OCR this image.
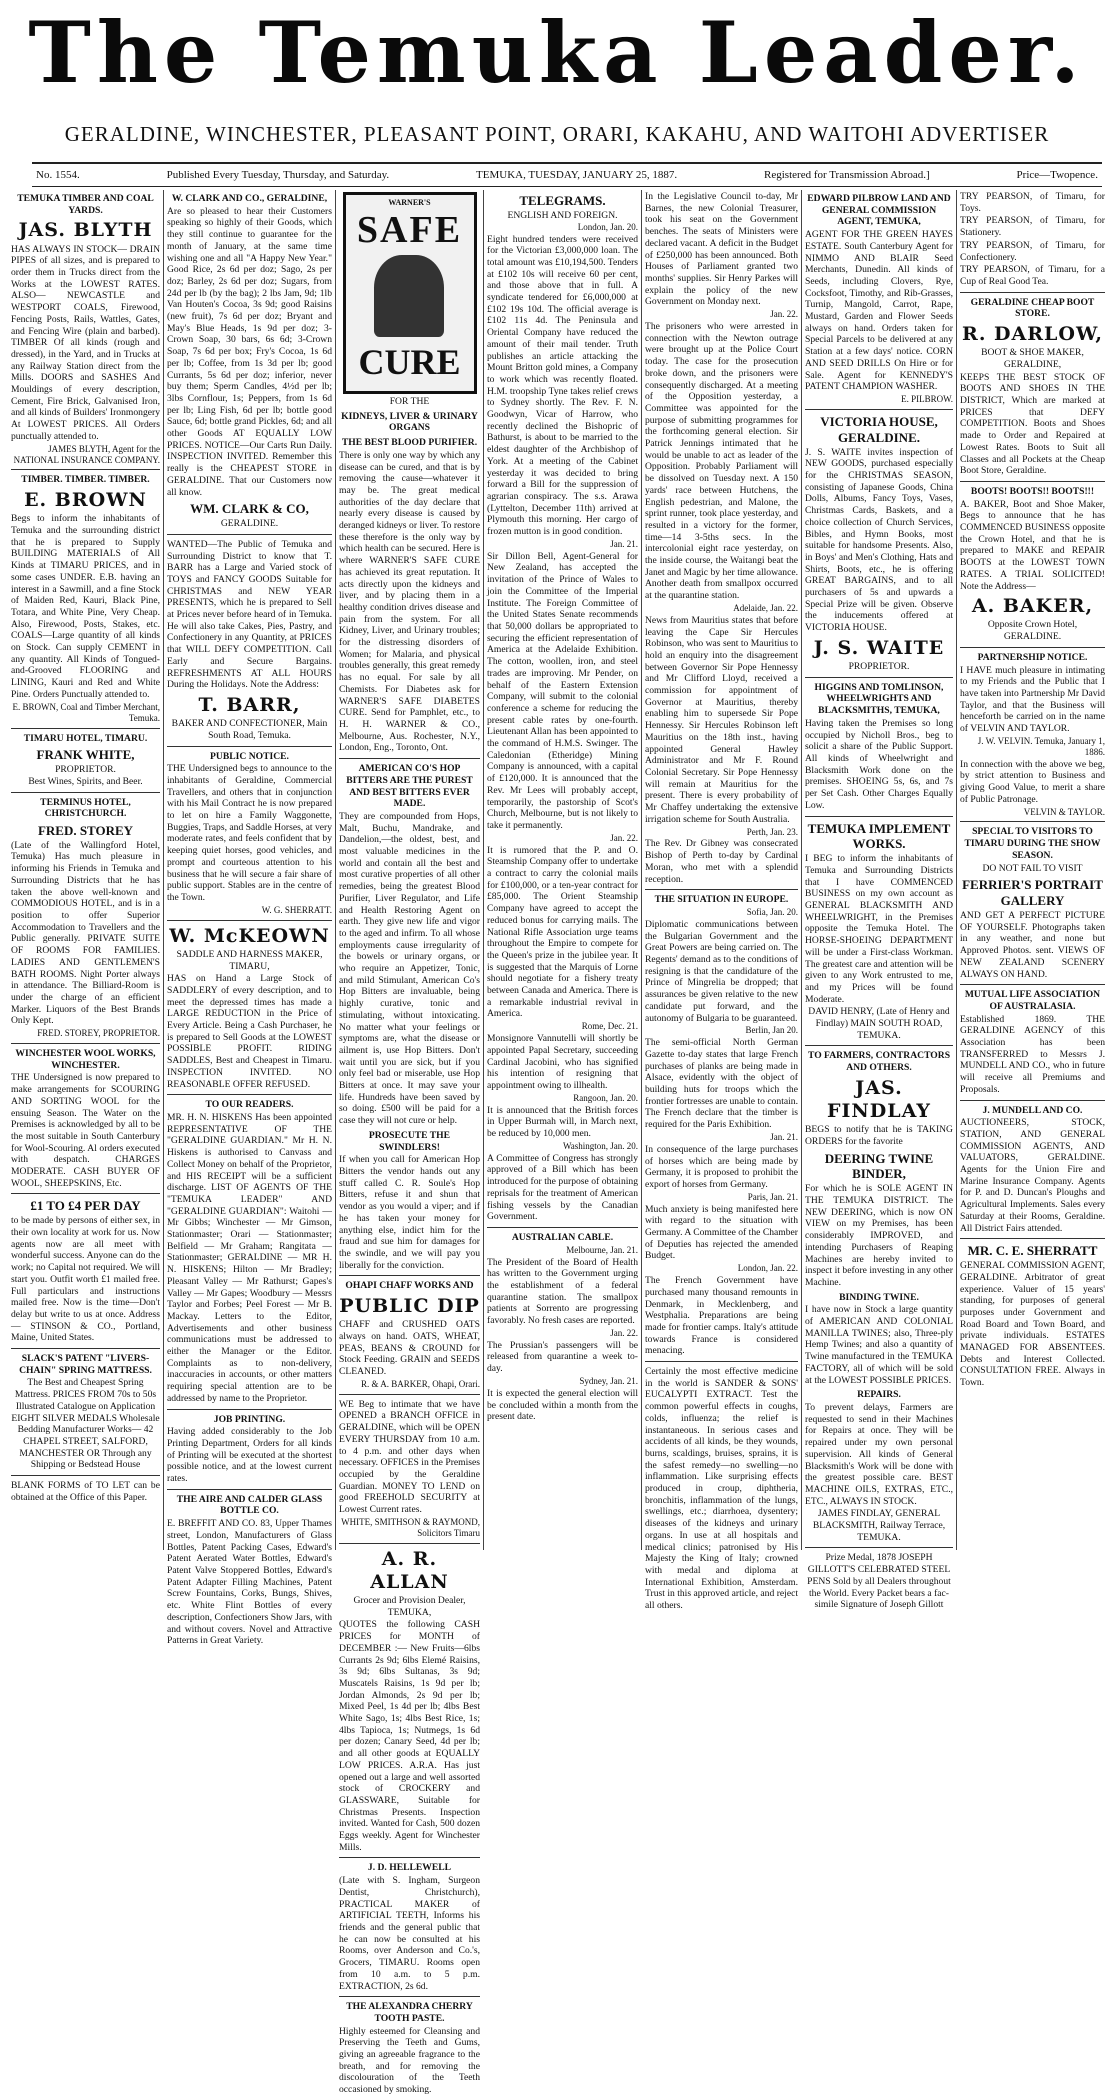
The Temuka Leader.
GERALDINE, WINCHESTER, PLEASANT POINT, ORARI, KAKAHU, AND WAITOHI ADVERTISER
No. 1554.	Published Every Tuesday, Thursday, and Saturday.	TEMUKA, TUESDAY, JANUARY 25, 1887.	Registered for Transmission Abroad.]	Price—Twopence.
TEMUKA TIMBER AND COAL YARDS.
JAS. BLYTH
HAS ALWAYS IN STOCK— DRAIN PIPES of all sizes, and is prepared to order them in Trucks direct from the Works at the LOWEST RATES. ALSO— NEWCASTLE and WESTPORT COALS, Firewood, Fencing Posts, Rails, Wattles, Gates, and Fencing Wire (plain and barbed). TIMBER Of all kinds (rough and dressed), in the Yard, and in Trucks at any Railway Station direct from the Mills. DOORS and SASHES And Mouldings of every description, Cement, Fire Brick, Galvanised Iron, and all kinds of Builders' Ironmongery At LOWEST PRICES. All Orders punctually attended to.
JAMES BLYTH, Agent for the NATIONAL INSURANCE COMPANY.
TIMBER. TIMBER. TIMBER.
E. BROWN
Begs to inform the inhabitants of Temuka and the surrounding district that he is prepared to Supply BUILDING MATERIALS of All Kinds at TIMARU PRICES, and in some cases UNDER. E.B. having an interest in a Sawmill, and a fine Stock of Maiden Red, Kauri, Black Pine, Totara, and White Pine, Very Cheap. Also, Firewood, Posts, Stakes, etc. COALS—Large quantity of all kinds on Stock. Can supply CEMENT in any quantity. All Kinds of Tongued-and-Grooved FLOORING and LINING, Kauri and Red and White Pine. Orders Punctually attended to.
E. BROWN, Coal and Timber Merchant, Temuka.
TIMARU HOTEL, TIMARU.
FRANK WHITE,
PROPRIETOR.
Best Wines, Spirits, and Beer.
TERMINUS HOTEL, CHRISTCHURCH.
FRED. STOREY
(Late of the Wallingford Hotel, Temuka) Has much pleasure in informing his Friends in Temuka and Surrounding Districts that he has taken the above well-known and COMMODIOUS HOTEL, and is in a position to offer Superior Accommodation to Travellers and the Public generally. PRIVATE SUITE OF ROOMS FOR FAMILIES. LADIES AND GENTLEMEN'S BATH ROOMS. Night Porter always in attendance. The Billiard-Room is under the charge of an efficient Marker. Liquors of the Best Brands Only Kept.
FRED. STOREY, PROPRIETOR.
WINCHESTER WOOL WORKS, WINCHESTER.
THE Undersigned is now prepared to make arrangements for SCOURING AND SORTING WOOL for the ensuing Season. The Water on the Premises is acknowledged by all to be the most suitable in South Canterbury for Wool-Scouring. Al orders executed with despatch. CHARGES MODERATE. CASH BUYER OF WOOL, SHEEPSKINS, Etc.
£1 TO £4 PER DAY
to be made by persons of either sex, in their own locality at work for us. Now agents now are all meet with wonderful success. Anyone can do the work; no Capital not required. We will start you. Outfit worth £1 mailed free. Full particulars and instructions mailed free. Now is the time—Don't delay but write to us at once. Address— STINSON & CO., Portland, Maine, United States.
SLACK'S PATENT "LIVERS-CHAIN" SPRING MATTRESS.
The Best and Cheapest Spring Mattress. PRICES FROM 70s to 50s Illustrated Catalogue on Application EIGHT SILVER MEDALS Wholesale Bedding Manufacturer Works— 42 CHAPEL STREET, SALFORD, MANCHESTER OR Through any Shipping or Bedstead House
BLANK FORMS of TO LET can be obtained at the Office of this Paper.
W. CLARK AND CO., GERALDINE,
Are so pleased to hear their Customers speaking so highly of their Goods, which they still continue to guarantee for the month of January, at the same time wishing one and all "A Happy New Year." Good Rice, 2s 6d per doz; Sago, 2s per doz; Barley, 2s 6d per doz; Sugars, from 24d per lb (by the bag); 2 lbs Jam, 9d; 1lb Van Houten's Cocoa, 3s 9d; good Raisins (new fruit), 7s 6d per doz; Bryant and May's Blue Heads, 1s 9d per doz; 3-Crown Soap, 30 bars, 6s 6d; 3-Crown Soap, 7s 6d per box; Fry's Cocoa, 1s 6d per lb; Coffee, from 1s 3d per lb; good Currants, 5s 6d per doz; inferior, never buy them; Sperm Candles, 4½d per lb; 3lbs Cornflour, 1s; Peppers, from 1s 6d per lb; Ling Fish, 6d per lb; bottle good Sauce, 6d; bottle grand Pickles, 6d; and all other Goods AT EQUALLY LOW PRICES. NOTICE—Our Carts Run Daily. INSPECTION INVITED. Remember this really is the CHEAPEST STORE in GERALDINE. That our Customers now all know.
WM. CLARK & CO,
GERALDINE.
WANTED—The Public of Temuka and Surrounding District to know that T. BARR has a Large and Varied stock of TOYS and FANCY GOODS Suitable for CHRISTMAS and NEW YEAR PRESENTS, which he is prepared to Sell at Prices never before heard of in Temuka. He will also take Cakes, Pies, Pastry, and Confectionery in any Quantity, at PRICES that WILL DEFY COMPETITION. Call Early and Secure Bargains. REFRESHMENTS AT ALL HOURS During the Holidays. Note the Address:
T. BARR,
BAKER AND CONFECTIONER, Main South Road, Temuka.
PUBLIC NOTICE.
THE Undersigned begs to announce to the inhabitants of Geraldine, Commercial Travellers, and others that in conjunction with his Mail Contract he is now prepared to let on hire a Family Waggonette, Buggies, Traps, and Saddle Horses, at very moderate rates, and feels confident that by keeping quiet horses, good vehicles, and prompt and courteous attention to his business that he will secure a fair share of public support. Stables are in the centre of the Town.
W. G. SHERRATT.
W. McKEOWN
SADDLE AND HARNESS MAKER, TIMARU,
HAS on Hand a Large Stock of SADDLERY of every description, and to meet the depressed times has made a LARGE REDUCTION in the Price of Every Article. Being a Cash Purchaser, he is prepared to Sell Goods at the LOWEST POSSIBLE PROFIT. RIDING SADDLES, Best and Cheapest in Timaru. INSPECTION INVITED. NO REASONABLE OFFER REFUSED.
TO OUR READERS.
MR. H. N. HISKENS Has been appointed REPRESENTATIVE OF THE "GERALDINE GUARDIAN." Mr H. N. Hiskens is authorised to Canvass and Collect Money on behalf of the Proprietor, and HIS RECEIPT will be a sufficient discharge. LIST OF AGENTS OF THE "TEMUKA LEADER" AND "GERALDINE GUARDIAN": Waitohi — Mr Gibbs; Winchester — Mr Gimson, Stationmaster; Orari — Stationmaster; Belfield — Mr Graham; Rangitata — Stationmaster; GERALDINE — MR H. N. HISKENS; Hilton — Mr Bradley; Pleasant Valley — Mr Rathurst; Gapes's Valley — Mr Gapes; Woodbury — Messrs Taylor and Forbes; Peel Forest — Mr B. Mackay. Letters to the Editor, Advertisements and other business communications must be addressed to either the Manager or the Editor. Complaints as to non-delivery, inaccuracies in accounts, or other matters requiring special attention are to be addressed by name to the Proprietor.
JOB PRINTING.
Having added considerably to the Job Printing Department, Orders for all kinds of Printing will be executed at the shortest possible notice, and at the lowest current rates.
THE AIRE AND CALDER GLASS BOTTLE CO.
E. BREFFIT AND CO. 83, Upper Thames street, London, Manufacturers of Glass Bottles, Patent Packing Cases, Edward's Patent Aerated Water Bottles, Edward's Patent Valve Stoppered Bottles, Edward's Patent Adapter Filling Machines, Patent Screw Fountains, Corks, Bungs, Shives, etc. White Flint Bottles of every description, Confectioners Show Jars, with and without covers. Novel and Attractive Patterns in Great Variety.
WARNER'S
SAFE
CURE
FOR THE
KIDNEYS, LIVER & URINARY ORGANS
THE BEST BLOOD PURIFIER.
There is only one way by which any disease can be cured, and that is by removing the cause—whatever it may be. The great medical authorities of the day declare that nearly every disease is caused by deranged kidneys or liver. To restore these therefore is the only way by which health can be secured. Here is where WARNER'S SAFE CURE has achieved its great reputation. It acts directly upon the kidneys and liver, and by placing them in a healthy condition drives disease and pain from the system. For all Kidney, Liver, and Urinary troubles; for the distressing disorders of Women; for Malaria, and physical troubles generally, this great remedy has no equal. For sale by all Chemists. For Diabetes ask for WARNER'S SAFE DIABETES CURE. Send for Pamphlet, etc., to H. H. WARNER & CO., Melbourne, Aus. Rochester, N.Y., London, Eng., Toronto, Ont.
AMERICAN CO'S HOP BITTERS ARE THE PUREST AND BEST BITTERS EVER MADE.
They are compounded from Hops, Malt, Buchu, Mandrake, and Dandelion,—the oldest, best, and most valuable medicines in the world and contain all the best and most curative properties of all other remedies, being the greatest Blood Purifier, Liver Regulator, and Life and Health Restoring Agent on earth. They give new life and vigor to the aged and infirm. To all whose employments cause irregularity of the bowels or urinary organs, or who require an Appetizer, Tonic, and mild Stimulant, American Co's Hop Bitters are invaluable, being highly curative, tonic and stimulating, without intoxicating. No matter what your feelings or symptoms are, what the disease or ailment is, use Hop Bitters. Don't wait until you are sick, but if you only feel bad or miserable, use Hop Bitters at once. It may save your life. Hundreds have been saved by so doing. £500 will be paid for a case they will not cure or help.
PROSECUTE THE SWINDLERS!
If when you call for American Hop Bitters the vendor hands out any stuff called C. R. Soule's Hop Bitters, refuse it and shun that vendor as you would a viper; and if he has taken your money for anything else, indict him for the fraud and sue him for damages for the swindle, and we will pay you liberally for the conviction.
OHAPI CHAFF WORKS AND
PUBLIC DIP
CHAFF and CRUSHED OATS always on hand. OATS, WHEAT, PEAS, BEANS & CROUND for Stock Feeding. GRAIN and SEEDS CLEANED.
R. & A. BARKER, Ohapi, Orari.
WE Beg to intimate that we have OPENED a BRANCH OFFICE in GERALDINE, which will be OPEN EVERY THURSDAY from 10 a.m. to 4 p.m. and other days when necessary. OFFICES in the Premises occupied by the Geraldine Guardian. MONEY TO LEND on good FREEHOLD SECURITY at Lowest Current rates.
WHITE, SMITHSON & RAYMOND, Solicitors Timaru
A. R. ALLAN
Grocer and Provision Dealer, TEMUKA,
QUOTES the following CASH PRICES for MONTH of DECEMBER :— New Fruits—6lbs Currants 2s 9d; 6lbs Elemé Raisins, 3s 9d; 6lbs Sultanas, 3s 9d; Muscatels Raisins, 1s 9d per lb; Jordan Almonds, 2s 9d per lb; Mixed Peel, 1s 4d per lb; 4lbs Best White Sago, 1s; 4lbs Best Rice, 1s; 4lbs Tapioca, 1s; Nutmegs, 1s 6d per dozen; Canary Seed, 4d per lb; and all other goods at EQUALLY LOW PRICES. A.R.A. Has just opened out a large and well assorted stock of CROCKERY and GLASSWARE, Suitable for Christmas Presents. Inspection invited. Wanted for Cash, 500 dozen Eggs weekly. Agent for Winchester Mills.
J. D. HELLEWELL
(Late with S. Ingham, Surgeon Dentist, Christchurch), PRACTICAL MAKER of ARTIFICIAL TEETH, Informs his friends and the general public that he can now be consulted at his Rooms, over Anderson and Co.'s, Grocers, TIMARU. Rooms open from 10 a.m. to 5 p.m. EXTRACTION, 2s 6d.
THE ALEXANDRA CHERRY TOOTH PASTE.
Highly esteemed for Cleansing and Preserving the Teeth and Gums, giving an agreeable fragrance to the breath, and for removing the discolouration of the Teeth occasioned by smoking.
TELEGRAMS.
ENGLISH AND FOREIGN.
London, Jan. 20.
Eight hundred tenders were received for the Victorian £3,000,000 loan. The total amount was £10,194,500. Tenders at £102 10s will receive 60 per cent, and those above that in full. A syndicate tendered for £6,000,000 at £102 19s 10d. The official average is £102 11s 4d. The Peninsula and Oriental Company have reduced the amount of their mail tender. Truth publishes an article attacking the Mount Britton gold mines, a Company to work which was recently floated. H.M. troopship Tyne takes relief crews to Sydney shortly. The Rev. F. N. Goodwyn, Vicar of Harrow, who recently declined the Bishopric of Bathurst, is about to be married to the eldest daughter of the Archbishop of York. At a meeting of the Cabinet yesterday it was decided to bring forward a Bill for the suppression of agrarian conspiracy. The s.s. Arawa (Lyttelton, December 11th) arrived at Plymouth this morning. Her cargo of frozen mutton is in good condition.
Jan. 21.
Sir Dillon Bell, Agent-General for New Zealand, has accepted the invitation of the Prince of Wales to join the Committee of the Imperial Institute. The Foreign Committee of the United States Senate recommends that 50,000 dollars be appropriated to securing the efficient representation of America at the Adelaide Exhibition. The cotton, woollen, iron, and steel trades are improving. Mr Pender, on behalf of the Eastern Extension Company, will submit to the colonial conference a scheme for reducing the present cable rates by one-fourth. Lieutenant Allan has been appointed to the command of H.M.S. Swinger. The Caledonian (Etheridge) Mining Company is announced, with a capital of £120,000. It is announced that the Rev. Mr Lees will probably accept, temporarily, the pastorship of Scot's Church, Melbourne, but is not likely to take it permanently.
Jan. 22.
It is rumored that the P. and O. Steamship Company offer to undertake a contract to carry the colonial mails for £100,000, or a ten-year contract for £85,000. The Orient Steamship Company have agreed to accept the reduced bonus for carrying mails. The National Rifle Association urge teams throughout the Empire to compete for the Queen's prize in the jubilee year. It is suggested that the Marquis of Lorne should negotiate for a fishery treaty between Canada and America. There is a remarkable industrial revival in America.
Rome, Dec. 21.
Monsignore Vannutelli will shortly be appointed Papal Secretary, succeeding Cardinal Jacobini, who has signified his intention of resigning that appointment owing to illhealth.
Rangoon, Jan. 20.
It is announced that the British forces in Upper Burmah will, in March next, be reduced by 10,000 men.
Washington, Jan. 20.
A Committee of Congress has strongly approved of a Bill which has been introduced for the purpose of obtaining reprisals for the treatment of American fishing vessels by the Canadian Government.
AUSTRALIAN CABLE.
Melbourne, Jan. 21.
The President of the Board of Health has written to the Government urging the establishment of a federal quarantine station. The smallpox patients at Sorrento are progressing favorably. No fresh cases are reported.
Jan. 22.
The Prussian's passengers will be released from quarantine a week to-day.
Sydney, Jan. 21.
It is expected the general election will be concluded within a month from the present date.
In the Legislative Council to-day, Mr Barnes, the new Colonial Treasurer, took his seat on the Government benches. The seats of Ministers were declared vacant. A deficit in the Budget of £250,000 has been announced. Both Houses of Parliament granted two months' supplies. Sir Henry Parkes will explain the policy of the new Government on Monday next.
Jan. 22.
The prisoners who were arrested in connection with the Newton outrage were brought up at the Police Court today. The case for the prosecution broke down, and the prisoners were consequently discharged. At a meeting of the Opposition yesterday, a Committee was appointed for the purpose of submitting programmes for the forthcoming general election. Sir Patrick Jennings intimated that he would be unable to act as leader of the Opposition. Probably Parliament will be dissolved on Tuesday next. A 150 yards' race between Hutchens, the English pedestrian, and Malone, the sprint runner, took place yesterday, and resulted in a victory for the former, time—14 3-5ths secs. In the intercolonial eight race yesterday, on the inside course, the Waitangi beat the Janet and Magic by her time allowance. Another death from smallpox occurred at the quarantine station.
Adelaide, Jan. 22.
News from Mauritius states that before leaving the Cape Sir Hercules Robinson, who was sent to Mauritius to hold an enquiry into the disagreement between Governor Sir Pope Hennessy and Mr Clifford Lloyd, received a commission for appointment of Governor at Mauritius, thereby enabling him to supersede Sir Pope Hennessy. Sir Hercules Robinson left Mauritius on the 18th inst., having appointed General Hawley Administrator and Mr F. Round Colonial Secretary. Sir Pope Hennessy will remain at Mauritius for the present. There is every probability of Mr Chaffey undertaking the extensive irrigation scheme for South Australia.
Perth, Jan. 23.
The Rev. Dr Gibney was consecrated Bishop of Perth to-day by Cardinal Moran, who met with a splendid reception.
THE SITUATION IN EUROPE.
Sofia, Jan. 20.
Diplomatic communications between the Bulgarian Government and the Great Powers are being carried on. The Regents' demand as to the conditions of resigning is that the candidature of the Prince of Mingrelia be dropped; that assurances be given relative to the new candidate put forward, and the autonomy of Bulgaria to be guaranteed.
Berlin, Jan 20.
The semi-official North German Gazette to-day states that large French purchases of planks are being made in Alsace, evidently with the object of building huts for troops which the frontier fortresses are unable to contain. The French declare that the timber is required for the Paris Exhibition.
Jan. 21.
In consequence of the large purchases of horses which are being made by Germany, it is proposed to prohibit the export of horses from Germany.
Paris, Jan. 21.
Much anxiety is being manifested here with regard to the situation with Germany. A Committee of the Chamber of Deputies has rejected the amended Budget.
London, Jan. 22.
The French Government have purchased many thousand remounts in Denmark, in Mecklenberg, and Westphalia. Preparations are being made for frontier camps. Italy's attitude towards France is considered menacing.
Certainly the most effective medicine in the world is SANDER & SONS' EUCALYPTI EXTRACT. Test the common powerful effects in coughs, colds, influenza; the relief is instantaneous. In serious cases and accidents of all kinds, be they wounds, burns, scaldings, bruises, sprains, it is the safest remedy—no swelling—no inflammation. Like surprising effects produced in croup, diphtheria, bronchitis, inflammation of the lungs, swellings, etc.; diarrhoea, dysentery; diseases of the kidneys and urinary organs. In use at all hospitals and medical clinics; patronised by His Majesty the King of Italy; crowned with medal and diploma at International Exhibition, Amsterdam. Trust in this approved article, and reject all others.
EDWARD PILBROW LAND AND GENERAL COMMISSION AGENT, TEMUKA,
AGENT FOR THE GREEN HAYES ESTATE. South Canterbury Agent for NIMMO AND BLAIR Seed Merchants, Dunedin. All kinds of Seeds, including Clovers, Rye, Cocksfoot, Timothy, and Rib-Grasses, Turnip, Mangold, Carrot, Rape, Mustard, Garden and Flower Seeds always on hand. Orders taken for Special Parcels to be delivered at any Station at a few days' notice. CORN AND SEED DRILLS On Hire or for Sale. Agent for KENNEDY'S PATENT CHAMPION WASHER.
E. PILBROW.
VICTORIA HOUSE, GERALDINE.
J. S. WAITE invites inspection of NEW GOODS, purchased especially for the CHRISTMAS SEASON, consisting of Japanese Goods, China Dolls, Albums, Fancy Toys, Vases, Christmas Cards, Baskets, and a choice collection of Church Services, Bibles, and Hymn Books, most suitable for handsome Presents. Also, in Boys' and Men's Clothing, Hats and Shirts, Boots, etc., he is offering GREAT BARGAINS, and to all purchasers of 5s and upwards a Special Prize will be given. Observe the inducements offered at VICTORIA HOUSE.
J. S. WAITE
PROPRIETOR.
HIGGINS AND TOMLINSON, WHEELWRIGHTS AND BLACKSMITHS, TEMUKA,
Having taken the Premises so long occupied by Nicholl Bros., beg to solicit a share of the Public Support. All kinds of Wheelwright and Blacksmith Work done on the premises. SHOEING 5s, 6s, and 7s per Set Cash. Other Charges Equally Low.
TEMUKA IMPLEMENT WORKS.
I BEG to inform the inhabitants of Temuka and Surrounding Districts that I have COMMENCED BUSINESS on my own account as GENERAL BLACKSMITH AND WHEELWRIGHT, in the Premises opposite the Temuka Hotel. The HORSE-SHOEING DEPARTMENT will be under a First-class Workman. The greatest care and attention will be given to any Work entrusted to me, and my Prices will be found Moderate.
DAVID HENRY, (Late of Henry and Findlay) MAIN SOUTH ROAD, TEMUKA.
TO FARMERS, CONTRACTORS AND OTHERS.
JAS. FINDLAY
BEGS to notify that he is TAKING ORDERS for the favorite
DEERING TWINE BINDER,
For which he is SOLE AGENT IN THE TEMUKA DISTRICT. The NEW DEERING, which is now ON VIEW on my Premises, has been considerably IMPROVED, and intending Purchasers of Reaping Machines are hereby invited to inspect it before investing in any other Machine.
BINDING TWINE.
I have now in Stock a large quantity of AMERICAN AND COLONIAL MANILLA TWINES; also, Three-ply Hemp Twines; and also a quantity of Twine manufactured in the TEMUKA FACTORY, all of which will be sold at the LOWEST POSSIBLE PRICES.
REPAIRS.
To prevent delays, Farmers are requested to send in their Machines for Repairs at once. They will be repaired under my own personal supervision. All kinds of General Blacksmith's Work will be done with the greatest possible care. BEST MACHINE OILS, EXTRAS, ETC., ETC., ALWAYS IN STOCK.
JAMES FINDLAY, GENERAL BLACKSMITH, Railway Terrace, TEMUKA.
Prize Medal, 1878 JOSEPH GILLOTT'S CELEBRATED STEEL PENS Sold by all Dealers throughout the World. Every Packet bears a fac-simile Signature of Joseph Gillott
TRY PEARSON, of Timaru, for Toys.
TRY PEARSON, of Timaru, for Stationery.
TRY PEARSON, of Timaru, for Confectionery.
TRY PEARSON, of Timaru, for a Cup of Real Good Tea.
GERALDINE CHEAP BOOT STORE.
R. DARLOW,
BOOT & SHOE MAKER, GERALDINE,
KEEPS THE BEST STOCK OF BOOTS AND SHOES IN THE DISTRICT, Which are marked at PRICES that DEFY COMPETITION. Boots and Shoes made to Order and Repaired at Lowest Rates. Boots to Suit all Classes and all Pockets at the Cheap Boot Store, Geraldine.
BOOTS! BOOTS!! BOOTS!!!
A. BAKER, Boot and Shoe Maker, Begs to announce that he has COMMENCED BUSINESS opposite the Crown Hotel, and that he is prepared to MAKE and REPAIR BOOTS at the LOWEST TOWN RATES. A TRIAL SOLICITED! Note the Address—
A. BAKER,
Opposite Crown Hotel, GERALDINE.
PARTNERSHIP NOTICE.
I HAVE much pleasure in intimating to my Friends and the Public that I have taken into Partnership Mr David Taylor, and that the Business will henceforth be carried on in the name of VELVIN AND TAYLOR.
J. W. VELVIN. Temuka, January 1, 1886.
In connection with the above we beg, by strict attention to Business and giving Good Value, to merit a share of Public Patronage.
VELVIN & TAYLOR.
SPECIAL TO VISITORS TO TIMARU DURING THE SHOW SEASON.
DO NOT FAIL TO VISIT
FERRIER'S PORTRAIT GALLERY
AND GET A PERFECT PICTURE OF YOURSELF. Photographs taken in any weather, and none but Approved Photos. sent. VIEWS OF NEW ZEALAND SCENERY ALWAYS ON HAND.
MUTUAL LIFE ASSOCIATION OF AUSTRALASIA.
Established 1869. THE GERALDINE AGENCY of this Association has been TRANSFERRED to Messrs J. MUNDELL AND CO., who in future will receive all Premiums and Proposals.
J. MUNDELL AND CO.
AUCTIONEERS, STOCK, STATION, AND GENERAL COMMISSION AGENTS, AND VALUATORS, GERALDINE. Agents for the Union Fire and Marine Insurance Company. Agents for P. and D. Duncan's Ploughs and Agricultural Implements. Sales every Saturday at their Rooms, Geraldine. All District Fairs attended.
MR. C. E. SHERRATT
GENERAL COMMISSION AGENT, GERALDINE. Arbitrator of great experience. Valuer of 15 years' standing, for purposes of general purposes under Government and Road Board and Town Board, and private individuals. ESTATES MANAGED FOR ABSENTEES. Debts and Interest Collected. CONSULTATION FREE. Always in Town.
